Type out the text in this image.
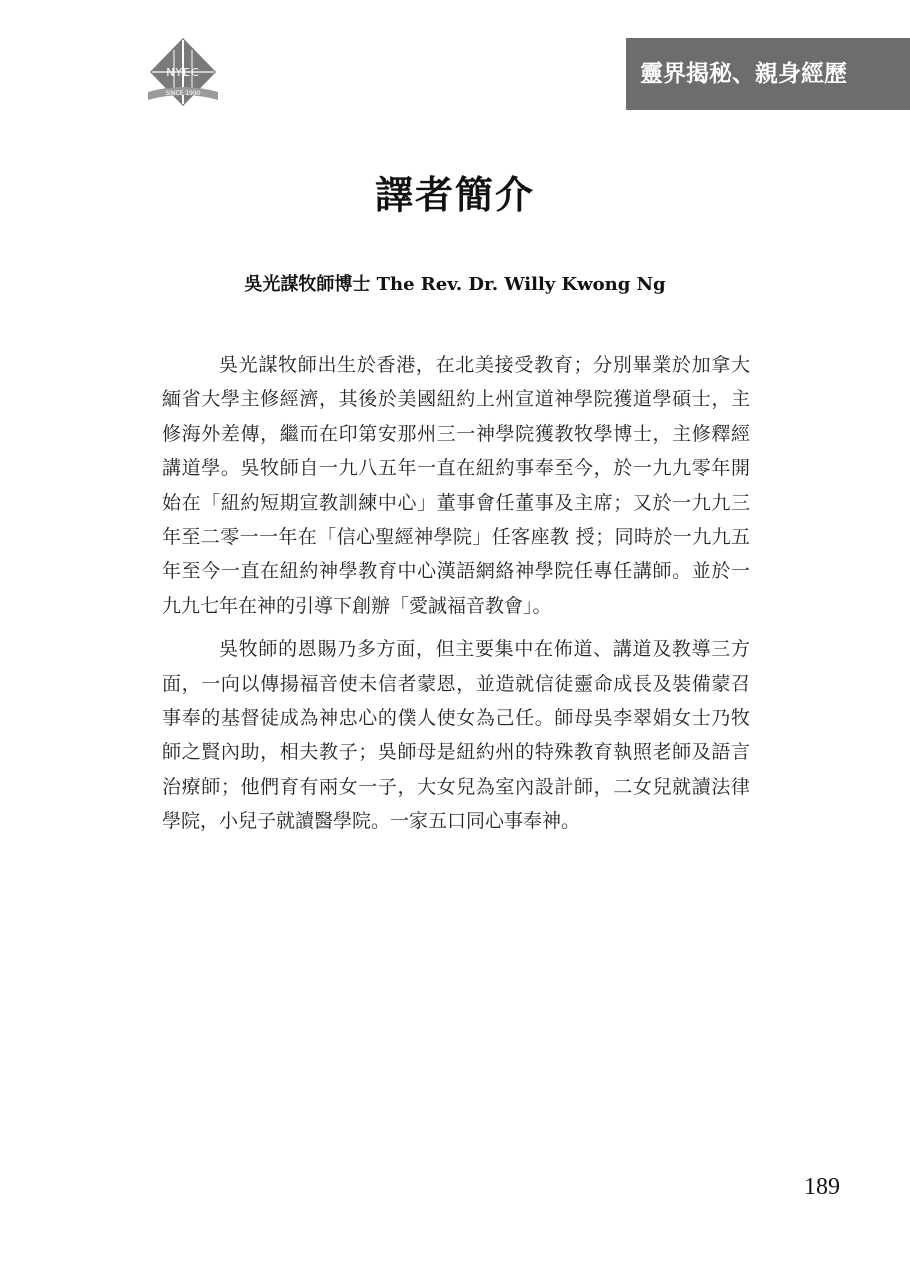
NYEC
SINCE 1990
靈界揭秘、親身經歷
譯者簡介
吳光謀牧師博士 The Rev. Dr. Willy Kwong Ng

吳光謀牧師出生於香港，在北美接受教育；分別畢業於加拿大緬省大學主修經濟，其後於美國紐約上州宣道神學院獲道學碩士，主修海外差傳，繼而在印第安那州三一神學院獲教牧學博士，主修釋經講道學。吳牧師自一九八五年一直在紐約事奉至今，於一九九零年開始在「紐約短期宣教訓練中心」董事會任董事及主席；又於一九九三年至二零一一年在「信心聖經神學院」任客座教 授；同時於一九九五年至今一直在紐約神學教育中心漢語網絡神學院任專任講師。並於一九九七年在神的引導下創辦「愛誠福音教會」。

吳牧師的恩賜乃多方面，但主要集中在佈道、講道及教導三方面，一向以傳揚福音使未信者蒙恩，並造就信徒靈命成長及裝備蒙召事奉的基督徒成為神忠心的僕人使女為己任。師母吳李翠娟女士乃牧師之賢內助，相夫教子；吳師母是紐約州的特殊教育執照老師及語言治療師；他們育有兩女一子，大女兒為室內設計師，二女兒就讀法律學院，小兒子就讀醫學院。一家五口同心事奉神。

189
